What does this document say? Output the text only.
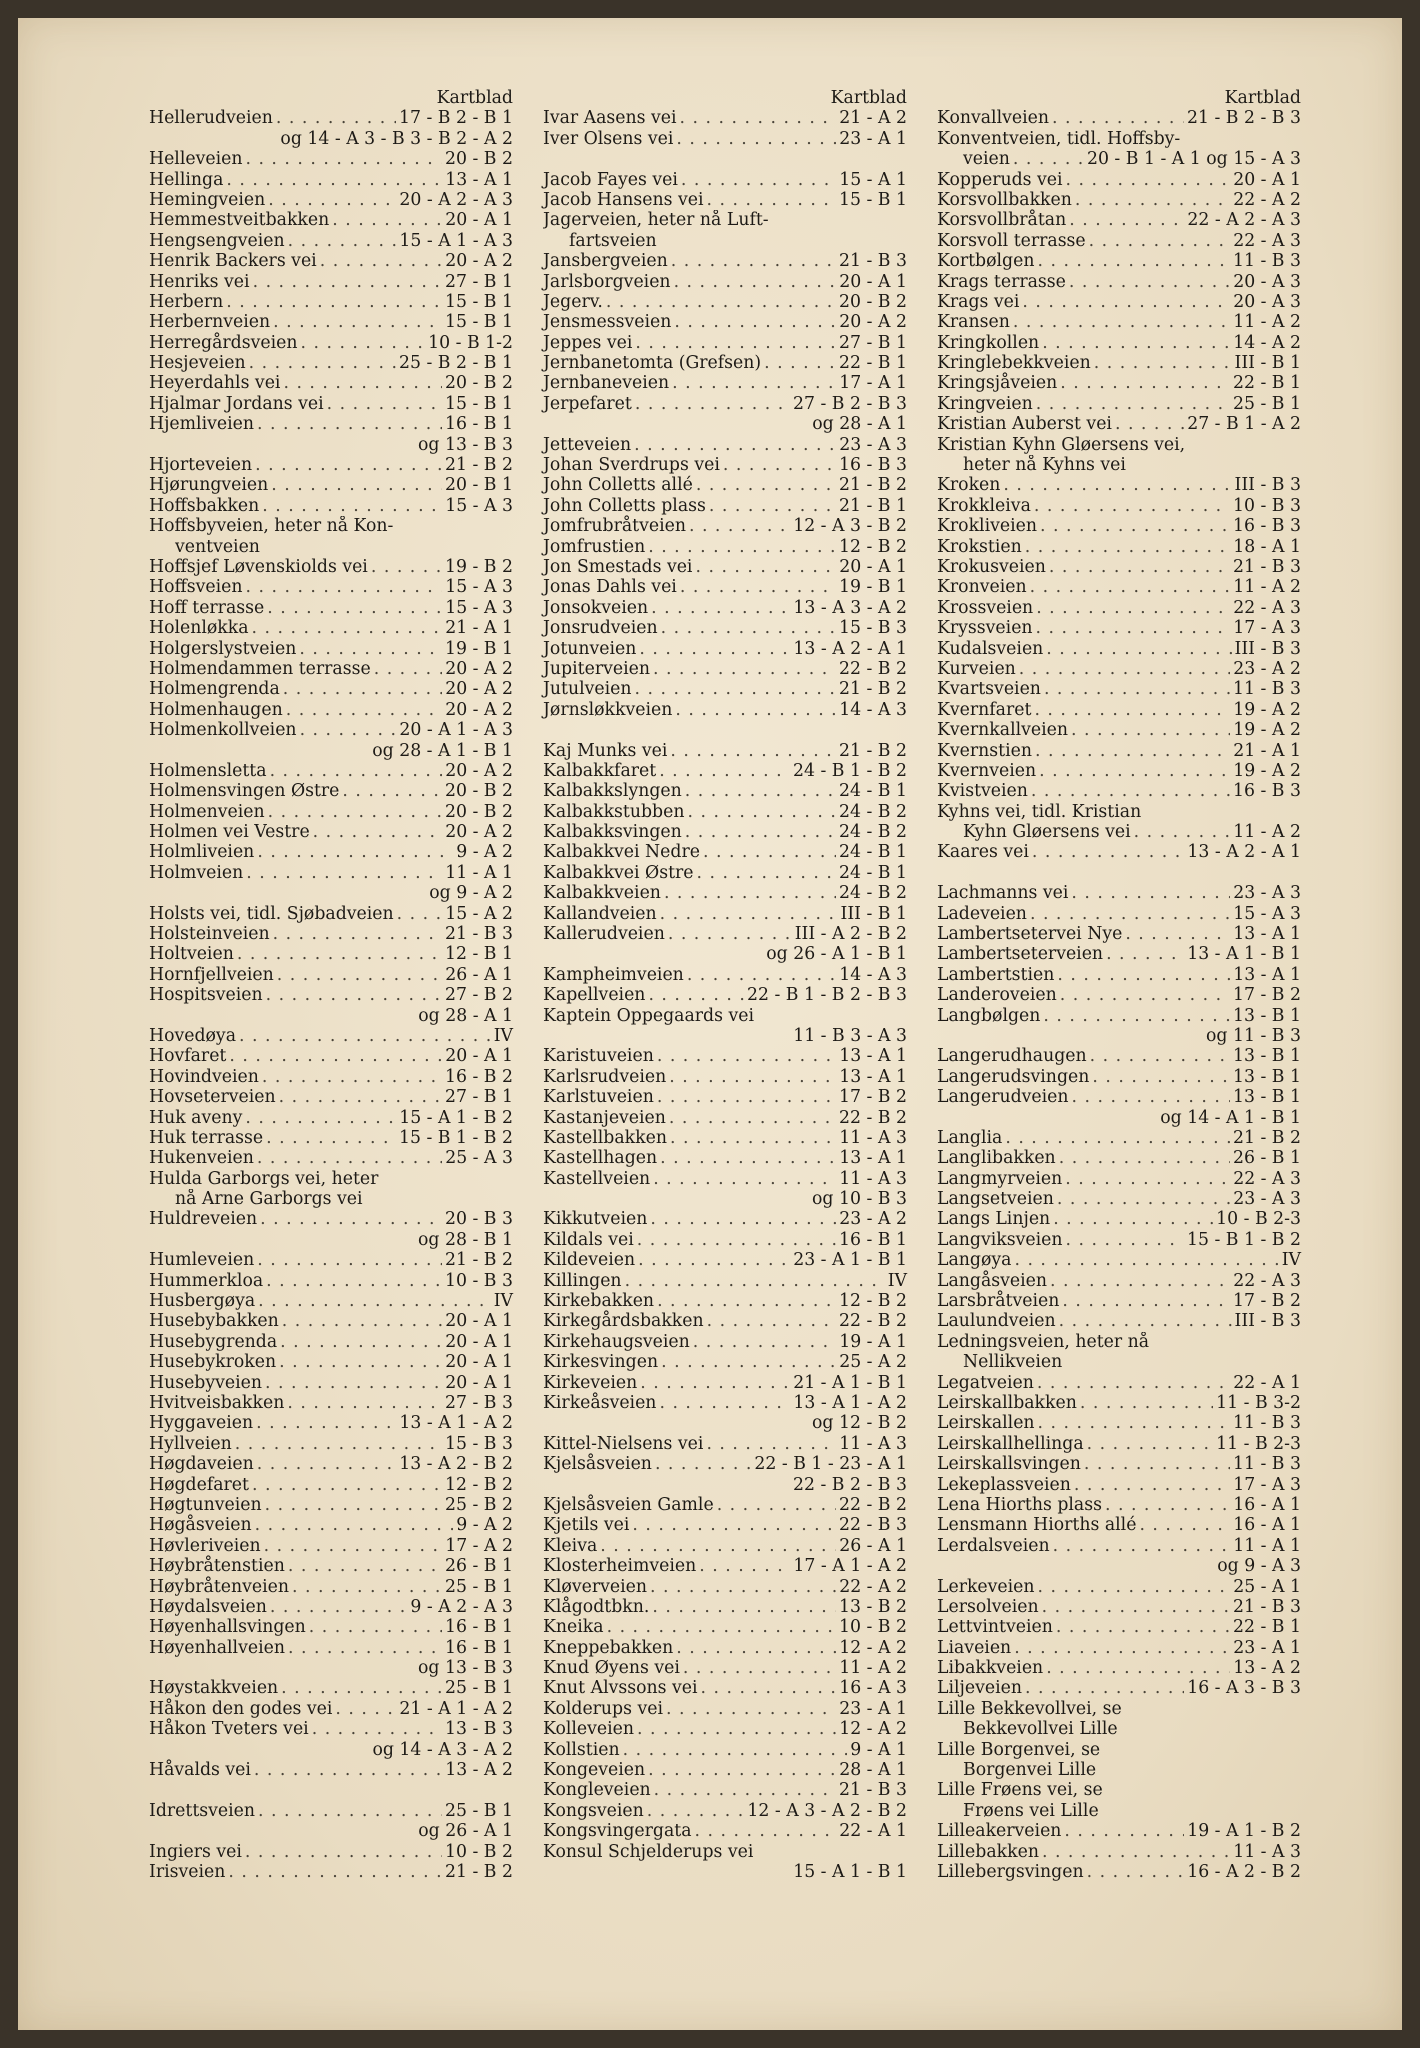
Kartblad
Hellerudveien . . .	17 - B 2 - B 1
og 14 - A 3 - B 3 - B 2 - A 2
Helleveien . . .	20 - B 2
Hellinga . . .	13 - A 1
Hemingveien . . .	20 - A 2 - A 3
Hemmestveitbakken . . .	20 - A 1
Hengsengveien . . .	15 - A 1 - A 3
Henrik Backers vei . . .	20 - A 2
Henriks vei . . .	27 - B 1
Herbern . . .	15 - B 1
Herbernveien . . .	15 - B 1
Herregårdsveien . . .	10 - B 1-2
Hesjeveien . . .	25 - B 2 - B 1
Heyerdahls vei . . .	20 - B 2
Hjalmar Jordans vei . . .	15 - B 1
Hjemliveien . . .	16 - B 1
og 13 - B 3
Hjorteveien . . .	21 - B 2
Hjørungveien . . .	20 - B 1
Hoffsbakken . . .	15 - A 3
Hoffsbyveien, heter nå Kon-
ventveien
Hoffsjef Løvenskiolds vei . . .	19 - B 2
Hoffsveien . . .	15 - A 3
Hoff terrasse . . .	15 - A 3
Holenløkka . . .	21 - A 1
Holgerslystveien . . .	19 - B 1
Holmendammen terrasse . . .	20 - A 2
Holmengrenda . . .	20 - A 2
Holmenhaugen . . .	20 - A 2
Holmenkollveien . . .	20 - A 1 - A 3
og 28 - A 1 - B 1
Holmensletta . . .	20 - A 2
Holmensvingen Østre . . .	20 - B 2
Holmenveien . . .	20 - B 2
Holmen vei Vestre . . .	20 - A 2
Holmliveien . . .	9 - A 2
Holmveien . . .	11 - A 1
og 9 - A 2
Holsts vei, tidl. Sjøbadveien . . .	15 - A 2
Holsteinveien . . .	21 - B 3
Holtveien . . .	12 - B 1
Hornfjellveien . . .	26 - A 1
Hospitsveien . . .	27 - B 2
og 28 - A 1
Hovedøya . . .	IV
Hovfaret . . .	20 - A 1
Hovindveien . . .	16 - B 2
Hovseterveien . . .	27 - B 1
Huk aveny . . .	15 - A 1 - B 2
Huk terrasse . . .	15 - B 1 - B 2
Hukenveien . . .	25 - A 3
Hulda Garborgs vei, heter
nå Arne Garborgs vei
Huldreveien . . .	20 - B 3
og 28 - B 1
Humleveien . . .	21 - B 2
Hummerkloa . . .	10 - B 3
Husbergøya . . .	IV
Husebybakken . . .	20 - A 1
Husebygrenda . . .	20 - A 1
Husebykroken . . .	20 - A 1
Husebyveien . . .	20 - A 1
Hvitveisbakken . . .	27 - B 3
Hyggaveien . . .	13 - A 1 - A 2
Hyllveien . . .	15 - B 3
Høgdaveien . . .	13 - A 2 - B 2
Høgdefaret . . .	12 - B 2
Høgtunveien . . .	25 - B 2
Høgåsveien . . .	9 - A 2
Høvleriveien . . .	17 - A 2
Høybråtenstien . . .	26 - B 1
Høybråtenveien . . .	25 - B 1
Høydalsveien . . .	9 - A 2 - A 3
Høyenhallsvingen . . .	16 - B 1
Høyenhallveien . . .	16 - B 1
og 13 - B 3
Høystakkveien . . .	25 - B 1
Håkon den godes vei . . .	21 - A 1 - A 2
Håkon Tveters vei . . .	13 - B 3
og 14 - A 3 - A 2
Håvalds vei . . .	13 - A 2
Idrettsveien . . .	25 - B 1
og 26 - A 1
Ingiers vei . . .	10 - B 2
Irisveien . . .	21 - B 2
Kartblad
Ivar Aasens vei . . .	21 - A 2
Iver Olsens vei . . .	23 - A 1
Jacob Fayes vei . . .	15 - A 1
Jacob Hansens vei . . .	15 - B 1
Jagerveien, heter nå Luft-
fartsveien
Jansbergveien . . .	21 - B 3
Jarlsborgveien . . .	20 - A 1
Jegerv. . . .	20 - B 2
Jensmessveien . . .	20 - A 2
Jeppes vei . . .	27 - B 1
Jernbanetomta (Grefsen) . . .	22 - B 1
Jernbaneveien . . .	17 - A 1
Jerpefaret . . .	27 - B 2 - B 3
og 28 - A 1
Jetteveien . . .	23 - A 3
Johan Sverdrups vei . . .	16 - B 3
John Colletts allé . . .	21 - B 2
John Colletts plass . . .	21 - B 1
Jomfrubråtveien . . .	12 - A 3 - B 2
Jomfrustien . . .	12 - B 2
Jon Smestads vei . . .	20 - A 1
Jonas Dahls vei . . .	19 - B 1
Jonsokveien . . .	13 - A 3 - A 2
Jonsrudveien . . .	15 - B 3
Jotunveien . . .	13 - A 2 - A 1
Jupiterveien . . .	22 - B 2
Jutulveien . . .	21 - B 2
Jørnsløkkveien . . .	14 - A 3
Kaj Munks vei . . .	21 - B 2
Kalbakkfaret . . .	24 - B 1 - B 2
Kalbakkslyngen . . .	24 - B 1
Kalbakkstubben . . .	24 - B 2
Kalbakksvingen . . .	24 - B 2
Kalbakkvei Nedre . . .	24 - B 1
Kalbakkvei Østre . . .	24 - B 1
Kalbakkveien . . .	24 - B 2
Kallandveien . . .	III - B 1
Kallerudveien . . .	III - A 2 - B 2
og 26 - A 1 - B 1
Kampheimveien . . .	14 - A 3
Kapellveien . . .	22 - B 1 - B 2 - B 3
Kaptein Oppegaards vei
11 - B 3 - A 3
Karistuveien . . .	13 - A 1
Karlsrudveien . . .	13 - A 1
Karlstuveien . . .	17 - B 2
Kastanjeveien . . .	22 - B 2
Kastellbakken . . .	11 - A 3
Kastellhagen . . .	13 - A 1
Kastellveien . . .	11 - A 3
og 10 - B 3
Kikkutveien . . .	23 - A 2
Kildals vei . . .	16 - B 1
Kildeveien . . .	23 - A 1 - B 1
Killingen . . .	IV
Kirkebakken . . .	12 - B 2
Kirkegårdsbakken . . .	22 - B 2
Kirkehaugsveien . . .	19 - A 1
Kirkesvingen . . .	25 - A 2
Kirkeveien . . .	21 - A 1 - B 1
Kirkeåsveien . . .	13 - A 1 - A 2
og 12 - B 2
Kittel-Nielsens vei . . .	11 - A 3
Kjelsåsveien . . .	22 - B 1 - 23 - A 1
22 - B 2 - B 3
Kjelsåsveien Gamle . . .	22 - B 2
Kjetils vei . . .	22 - B 3
Kleiva . . .	26 - A 1
Klosterheimveien . . .	17 - A 1 - A 2
Kløverveien . . .	22 - A 2
Klågodtbkn. . . .	13 - B 2
Kneika . . .	10 - B 2
Kneppebakken . . .	12 - A 2
Knud Øyens vei . . .	11 - A 2
Knut Alvssons vei . . .	16 - A 3
Kolderups vei . . .	23 - A 1
Kolleveien . . .	12 - A 2
Kollstien . . .	9 - A 1
Kongeveien . . .	28 - A 1
Kongleveien . . .	21 - B 3
Kongsveien . . .	12 - A 3 - A 2 - B 2
Kongsvingergata . . .	22 - A 1
Konsul Schjelderups vei
15 - A 1 - B 1
Kartblad
Konvallveien . . .	21 - B 2 - B 3
Konventveien, tidl. Hoffsby-
veien . . .	20 - B 1 - A 1 og 15 - A 3
Kopperuds vei . . .	20 - A 1
Korsvollbakken . . .	22 - A 2
Korsvollbråtan . . .	22 - A 2 - A 3
Korsvoll terrasse . . .	22 - A 3
Kortbølgen . . .	11 - B 3
Krags terrasse . . .	20 - A 3
Krags vei . . .	20 - A 3
Kransen . . .	11 - A 2
Kringkollen . . .	14 - A 2
Kringlebekkveien . . .	III - B 1
Kringsjåveien . . .	22 - B 1
Kringveien . . .	25 - B 1
Kristian Auberst vei . . .	27 - B 1 - A 2
Kristian Kyhn Gløersens vei,
heter nå Kyhns vei
Kroken . . .	III - B 3
Krokkleiva . . .	10 - B 3
Krokliveien . . .	16 - B 3
Krokstien . . .	18 - A 1
Krokusveien . . .	21 - B 3
Kronveien . . .	11 - A 2
Krossveien . . .	22 - A 3
Kryssveien . . .	17 - A 3
Kudalsveien . . .	III - B 3
Kurveien . . .	23 - A 2
Kvartsveien . . .	11 - B 3
Kvernfaret . . .	19 - A 2
Kvernkallveien . . .	19 - A 2
Kvernstien . . .	21 - A 1
Kvernveien . . .	19 - A 2
Kvistveien . . .	16 - B 3
Kyhns vei, tidl. Kristian
Kyhn Gløersens vei . . .	11 - A 2
Kaares vei . . .	13 - A 2 - A 1
Lachmanns vei . . .	23 - A 3
Ladeveien . . .	15 - A 3
Lambertsetervei Nye . . .	13 - A 1
Lambertseterveien . . .	13 - A 1 - B 1
Lambertstien . . .	13 - A 1
Landeroveien . . .	17 - B 2
Langbølgen . . .	13 - B 1
og 11 - B 3
Langerudhaugen . . .	13 - B 1
Langerudsvingen . . .	13 - B 1
Langerudveien . . .	13 - B 1
og 14 - A 1 - B 1
Langlia . . .	21 - B 2
Langlibakken . . .	26 - B 1
Langmyrveien . . .	22 - A 3
Langsetveien . . .	23 - A 3
Langs Linjen . . .	10 - B 2-3
Langviksveien . . .	15 - B 1 - B 2
Langøya . . .	IV
Langåsveien . . .	22 - A 3
Larsbråtveien . . .	17 - B 2
Laulundveien . . .	III - B 3
Ledningsveien, heter nå
Nellikveien
Legatveien . . .	22 - A 1
Leirskallbakken . . .	11 - B 3-2
Leirskallen . . .	11 - B 3
Leirskallhellinga . . .	11 - B 2-3
Leirskallsvingen . . .	11 - B 3
Lekeplassveien . . .	17 - A 3
Lena Hiorths plass . . .	16 - A 1
Lensmann Hiorths allé . . .	16 - A 1
Lerdalsveien . . .	11 - A 1
og 9 - A 3
Lerkeveien . . .	25 - A 1
Lersolveien . . .	21 - B 3
Lettvintveien . . .	22 - B 1
Liaveien . . .	23 - A 1
Libakkveien . . .	13 - A 2
Liljeveien . . .	16 - A 3 - B 3
Lille Bekkevollvei, se
Bekkevollvei Lille
Lille Borgenvei, se
Borgenvei Lille
Lille Frøens vei, se
Frøens vei Lille
Lilleakerveien . . .	19 - A 1 - B 2
Lillebakken . . .	11 - A 3
Lillebergsvingen . . .	16 - A 2 - B 2
